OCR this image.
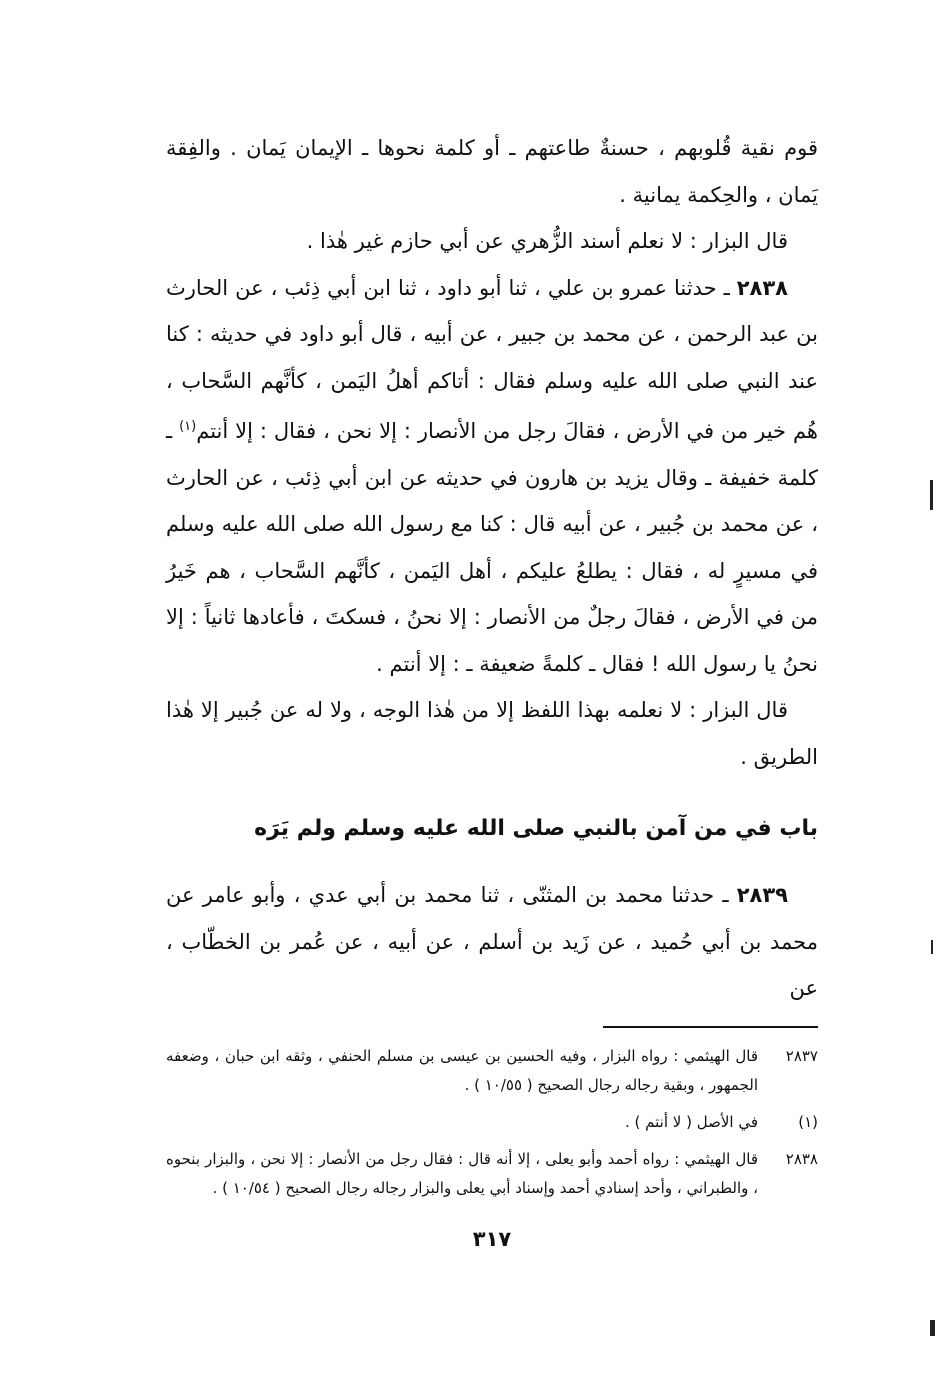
قوم نقية قُلوبهم ، حسنةٌ طاعتهم ـ أو كلمة نحوها ـ الإيمان يَمان . والفِقة يَمان ، والحِكمة يمانية .

قال البزار : لا نعلم أسند الزُّهري عن أبي حازم غير هٰذا .

٢٨٣٨ ـ حدثنا عمرو بن علي ، ثنا أبو داود ، ثنا ابن أبي ذِئب ، عن الحارث بن عبد الرحمن ، عن محمد بن جبير ، عن أبيه ، قال أبو داود في حديثه : كنا عند النبي صلى الله عليه وسلم فقال : أتاكم أهلُ اليَمن ، كأنَّهم السَّحاب ، هُم خير من في الأرض ، فقالَ رجل من الأنصار : إلا نحن ، فقال : إلا أنتم$^{(١)}$ ـ كلمة خفيفة ـ وقال يزيد بن هارون في حديثه عن ابن أبي ذِئب ، عن الحارث ، عن محمد بن جُبير ، عن أبيه قال : كنا مع رسول الله صلى الله عليه وسلم في مسيرٍ له ، فقال : يطلعُ عليكم ، أهل اليَمن ، كأنَّهم السَّحاب ، هم خَيرُ من في الأرض ، فقالَ رجلٌ من الأنصار : إلا نحنُ ، فسكتَ ، فأعادها ثانياً : إلا نحنُ يا رسول الله ! فقال ـ كلمةً ضعيفة ـ : إلا أنتم .

قال البزار : لا نعلمه بهذا اللفظ إلا من هٰذا الوجه ، ولا له عن جُبير إلا هٰذا الطريق .

باب في من آمن بالنبي صلى الله عليه وسلم ولم يَرَه

٢٨٣٩ ـ حدثنا محمد بن المثنّى ، ثنا محمد بن أبي عدي ، وأبو عامر عن محمد بن أبي حُميد ، عن زَيد بن أسلم ، عن أبيه ، عن عُمر بن الخطّاب ، عن

٢٨٣٧
قال الهيثمي : رواه البزار ، وفيه الحسين بن عيسى بن مسلم الحنفي ، وثقه ابن حبان ، وضعفه الجمهور ، وبقية رجاله رجال الصحيح ( ١٠/٥٥ ) .
(١)
في الأصل ( لا أنتم ) .
٢٨٣٨
قال الهيثمي : رواه أحمد وأبو يعلى ، إلا أنه قال : فقال رجل من الأنصار : إلا نحن ، والبزار بنحوه ، والطبراني ، وأحد إسنادي أحمد وإسناد أبي يعلى والبزار رجاله رجال الصحيح ( ١٠/٥٤ ) .
٣١٧
